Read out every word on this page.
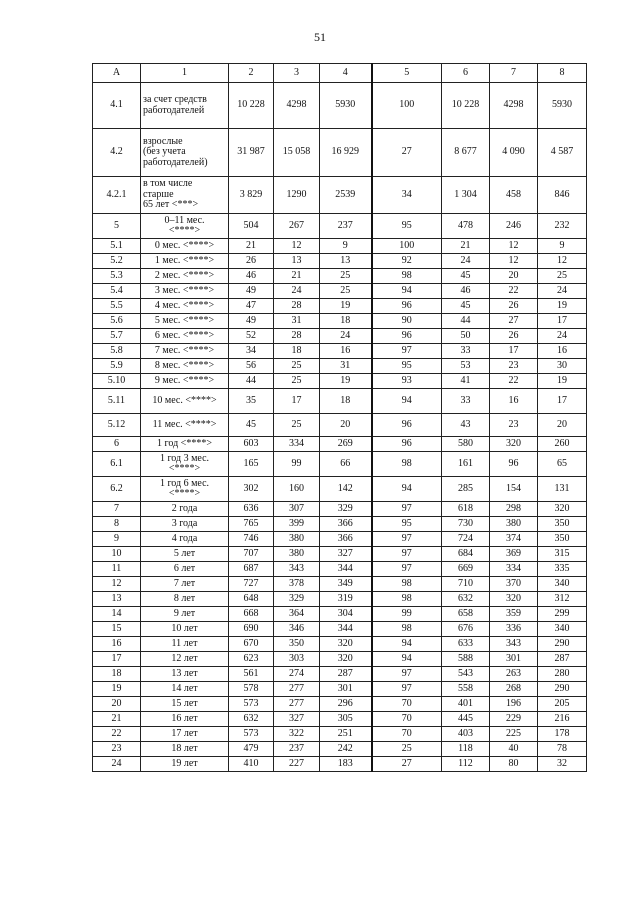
51
А	1	2	3	4	5	6	7	8
4.1	за счет средств
работодателей	10 228	4298	5930	100	10 228	4298	5930
4.2	взрослые
(без учета
работодателей)	31 987	15 058	16 929	27	8 677	4 090	4 587
4.2.1	в том числе
старше
65 лет <***>	3 829	1290	2539	34	1 304	458	846
5	0–11 мес.
<****>	504	267	237	95	478	246	232
5.1	0 мес. <****>	21	12	9	100	21	12	9
5.2	1 мес. <****>	26	13	13	92	24	12	12
5.3	2 мес. <****>	46	21	25	98	45	20	25
5.4	3 мес. <****>	49	24	25	94	46	22	24
5.5	4 мес. <****>	47	28	19	96	45	26	19
5.6	5 мес. <****>	49	31	18	90	44	27	17
5.7	6 мес. <****>	52	28	24	96	50	26	24
5.8	7 мес. <****>	34	18	16	97	33	17	16
5.9	8 мес. <****>	56	25	31	95	53	23	30
5.10	9 мес. <****>	44	25	19	93	41	22	19
5.11	10 мес. <****>	35	17	18	94	33	16	17
5.12	11 мес. <****>	45	25	20	96	43	23	20
6	1 год <****>	603	334	269	96	580	320	260
6.1	1 год 3 мес.
<****>	165	99	66	98	161	96	65
6.2	1 год 6 мес.
<****>	302	160	142	94	285	154	131
7	2 года	636	307	329	97	618	298	320
8	3 года	765	399	366	95	730	380	350
9	4 года	746	380	366	97	724	374	350
10	5 лет	707	380	327	97	684	369	315
11	6 лет	687	343	344	97	669	334	335
12	7 лет	727	378	349	98	710	370	340
13	8 лет	648	329	319	98	632	320	312
14	9 лет	668	364	304	99	658	359	299
15	10 лет	690	346	344	98	676	336	340
16	11 лет	670	350	320	94	633	343	290
17	12 лет	623	303	320	94	588	301	287
18	13 лет	561	274	287	97	543	263	280
19	14 лет	578	277	301	97	558	268	290
20	15 лет	573	277	296	70	401	196	205
21	16 лет	632	327	305	70	445	229	216
22	17 лет	573	322	251	70	403	225	178
23	18 лет	479	237	242	25	118	40	78
24	19 лет	410	227	183	27	112	80	32
